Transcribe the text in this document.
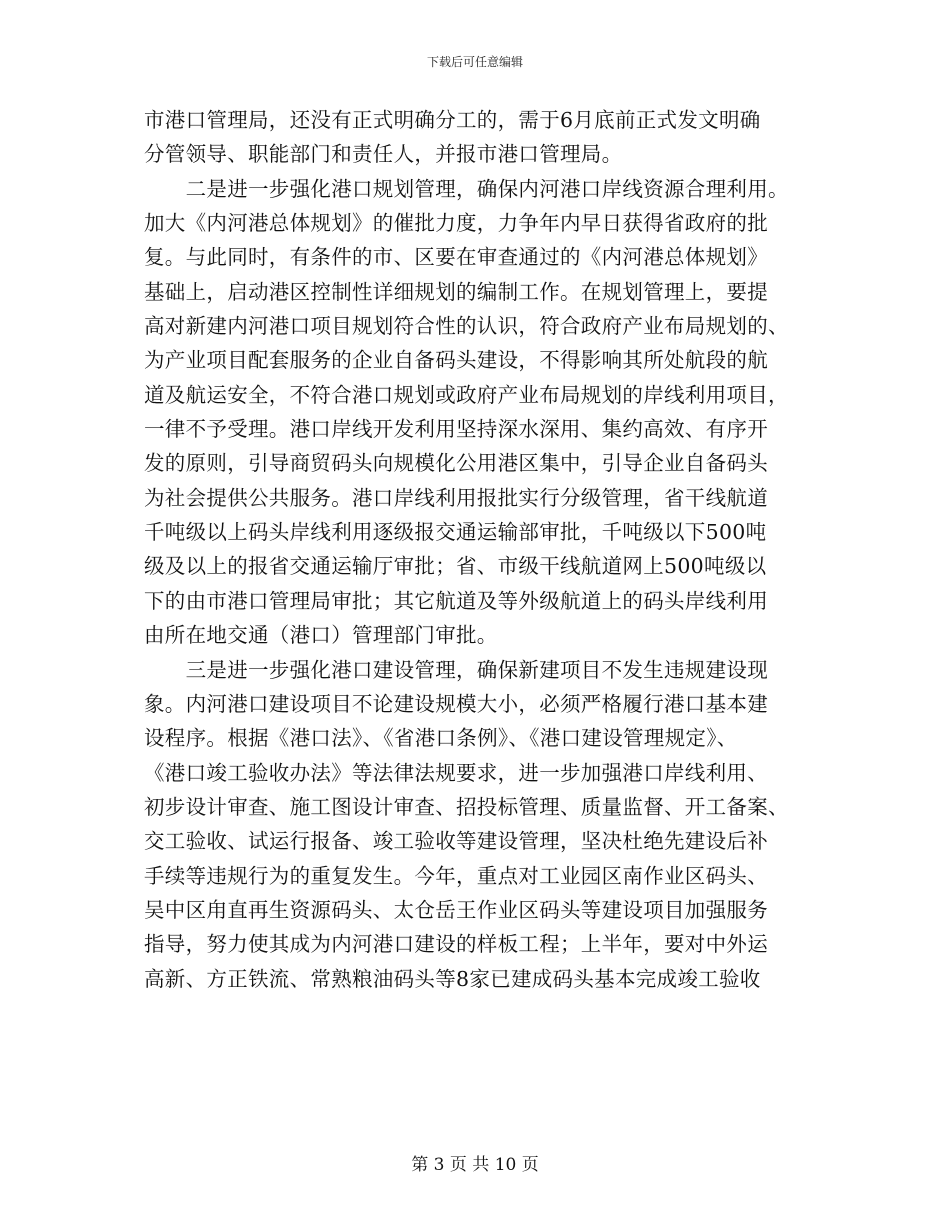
下载后可任意编辑
市港口管理局，还没有正式明确分工的，需于6月底前正式发文明确
分管领导、职能部门和责任人，并报市港口管理局。
　　二是进一步强化港口规划管理，确保内河港口岸线资源合理利用。
加大《内河港总体规划》的催批力度，力争年内早日获得省政府的批
复。与此同时，有条件的市、区要在审查通过的《内河港总体规划》
基础上，启动港区控制性详细规划的编制工作。在规划管理上，要提
高对新建内河港口项目规划符合性的认识，符合政府产业布局规划的、
为产业项目配套服务的企业自备码头建设，不得影响其所处航段的航
道及航运安全，不符合港口规划或政府产业布局规划的岸线利用项目，
一律不予受理。港口岸线开发利用坚持深水深用、集约高效、有序开
发的原则，引导商贸码头向规模化公用港区集中，引导企业自备码头
为社会提供公共服务。港口岸线利用报批实行分级管理，省干线航道
千吨级以上码头岸线利用逐级报交通运输部审批，千吨级以下500吨
级及以上的报省交通运输厅审批；省、市级干线航道网上500吨级以
下的由市港口管理局审批；其它航道及等外级航道上的码头岸线利用
由所在地交通（港口）管理部门审批。
　　三是进一步强化港口建设管理，确保新建项目不发生违规建设现
象。内河港口建设项目不论建设规模大小，必须严格履行港口基本建
设程序。根据《港口法》、《省港口条例》、《港口建设管理规定》、
《港口竣工验收办法》等法律法规要求，进一步加强港口岸线利用、
初步设计审查、施工图设计审查、招投标管理、质量监督、开工备案、
交工验收、试运行报备、竣工验收等建设管理，坚决杜绝先建设后补
手续等违规行为的重复发生。今年，重点对工业园区南作业区码头、
吴中区甪直再生资源码头、太仓岳王作业区码头等建设项目加强服务
指导，努力使其成为内河港口建设的样板工程；上半年，要对中外运
高新、方正铁流、常熟粮油码头等8家已建成码头基本完成竣工验收
第 3 页 共 10 页
